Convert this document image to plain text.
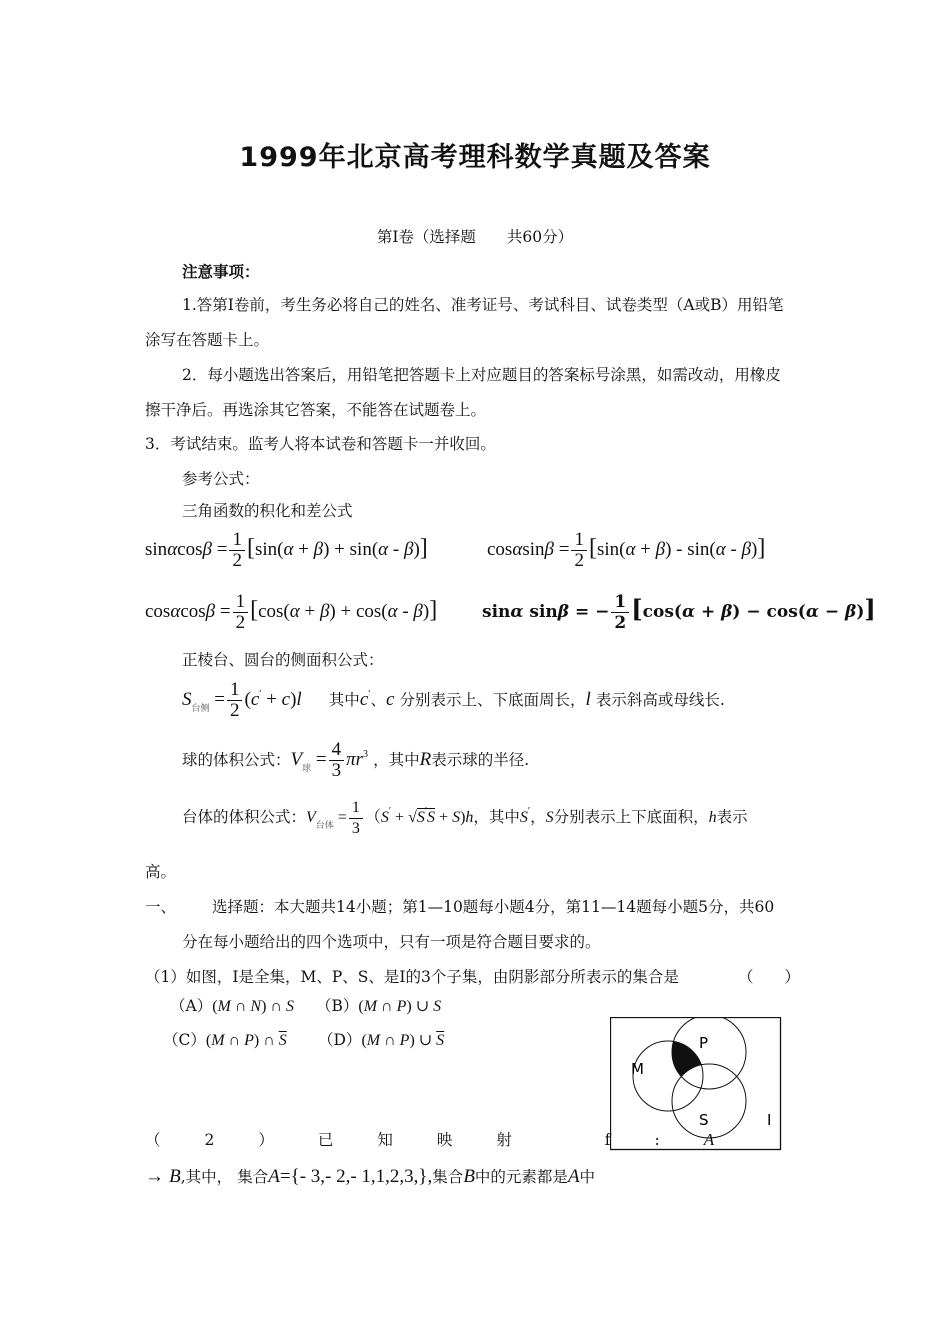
1999年北京高考理科数学真题及答案
第Ⅰ卷（选择题　　共60分）
注意事项：
1.答第Ⅰ卷前，考生务必将自己的姓名、准考证号、考试科目、试卷类型（A或B）用铅笔
涂写在答题卡上。
2．每小题选出答案后，用铅笔把答题卡上对应题目的答案标号涂黑，如需改动，用橡皮
擦干净后。再选涂其它答案，不能答在试题卷上。
3．考试结束。监考人将本试卷和答题卡一并收回。
参考公式：
三角函数的积化和差公式
$\sin\alpha\cos\beta = \frac{1}{2} [\sin(\alpha + \beta) + \sin(\alpha - \beta)]$	$\cos\alpha\sin\beta = \frac{1}{2} [\sin(\alpha + \beta) - \sin(\alpha - \beta)]$
$\cos\alpha\cos\beta = \frac{1}{2} [\cos(\alpha + \beta) + \cos(\alpha - \beta)]$	sinα sinβ = − $\frac{1}{2} [\cos(\alpha + \beta) - \cos(\alpha - \beta)]$
正棱台、圆台的侧面积公式：
$S_{台侧} = \frac{1}{2} (c' + c)l$ 其中c′、c 分别表示上、下底面周长，l 表示斜高或母线长.
球的体积公式：$V_球 = \frac{4}{3} \pi r^3$ ，其中R表示球的半径.
台体的体积公式：$V_{台体} = \frac{1}{3} (S' + √S'S + S)h$，其中S′，S分别表示上下底面积，h表示
高。
一、 选择题：本大题共14小题；第1—10题每小题4分，第11—14题每小题5分，共60
分在每小题给出的四个选项中，只有一项是符合题目要求的。
（1）如图，Ⅰ是全集，M、P、S、是Ⅰ的3个子集，由阴影部分所表示的集合是	（　　）
（A）(M ∩ N) ∩ S （B）(M ∩ P) ∪ S
（C）(M ∩ P) ∩ $\overline{S}$ （D）(M ∩ P) ∪ $\overline{S}$
M
P
S	I
（2）已知映射 f:A
→ B,其中， 集合A={- 3,- 2,- 1,1,2,3,},集合B中的元素都是A中
